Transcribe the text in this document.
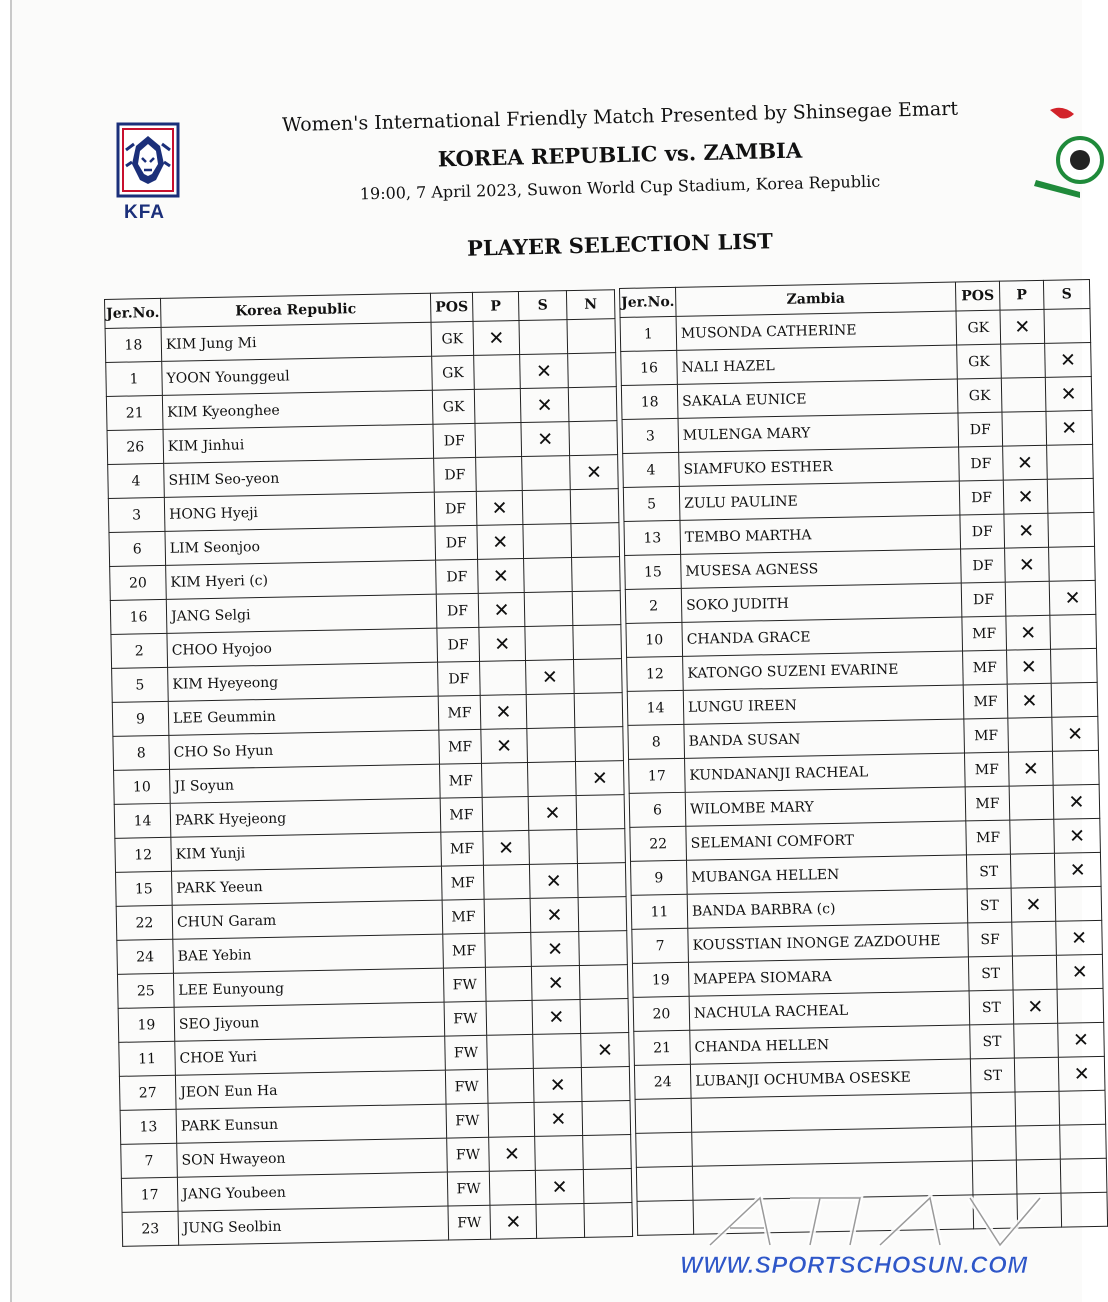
KFA
Women's International Friendly Match Presented by Shinsegae Emart
KOREA REPUBLIC vs. ZAMBIA
19:00, 7 April 2023, Suwon World Cup Stadium, Korea Republic
PLAYER SELECTION LIST
Jer.No.	Korea Republic	POS	P	S	N
18	KIM Jung Mi	GK	✕		
1	YOON Younggeul	GK		✕	
21	KIM Kyeonghee	GK		✕	
26	KIM Jinhui	DF		✕	
4	SHIM Seo-yeon	DF			✕
3	HONG Hyeji	DF	✕		
6	LIM Seonjoo	DF	✕		
20	KIM Hyeri (c)	DF	✕		
16	JANG Selgi	DF	✕		
2	CHOO Hyojoo	DF	✕		
5	KIM Hyeyeong	DF		✕	
9	LEE Geummin	MF	✕		
8	CHO So Hyun	MF	✕		
10	JI Soyun	MF			✕
14	PARK Hyejeong	MF		✕	
12	KIM Yunji	MF	✕		
15	PARK Yeeun	MF		✕	
22	CHUN Garam	MF		✕	
24	BAE Yebin	MF		✕	
25	LEE Eunyoung	FW		✕	
19	SEO Jiyoun	FW		✕	
11	CHOE Yuri	FW			✕
27	JEON Eun Ha	FW		✕	
13	PARK Eunsun	FW		✕	
7	SON Hwayeon	FW	✕		
17	JANG Youbeen	FW		✕	
23	JUNG Seolbin	FW	✕		
Jer.No.	Zambia	POS	P	S
1	MUSONDA CATHERINE	GK	✕	
16	NALI HAZEL	GK		✕
18	SAKALA EUNICE	GK		✕
3	MULENGA MARY	DF		✕
4	SIAMFUKO ESTHER	DF	✕	
5	ZULU PAULINE	DF	✕	
13	TEMBO MARTHA	DF	✕	
15	MUSESA AGNESS	DF	✕	
2	SOKO JUDITH	DF		✕
10	CHANDA GRACE	MF	✕	
12	KATONGO SUZENI EVARINE	MF	✕	
14	LUNGU IREEN	MF	✕	
8	BANDA SUSAN	MF		✕
17	KUNDANANJI RACHEAL	MF	✕	
6	WILOMBE MARY	MF		✕
22	SELEMANI COMFORT	MF		✕
9	MUBANGA HELLEN	ST		✕
11	BANDA BARBRA (c)	ST	✕	
7	KOUSSTIAN INONGE ZAZDOUHE	SF		✕
19	MAPEPA SIOMARA	ST		✕
20	NACHULA RACHEAL	ST	✕	
21	CHANDA HELLEN	ST		✕
24	LUBANJI OCHUMBA OSESKE	ST		✕

WWW.SPORTSCHOSUN.COM
